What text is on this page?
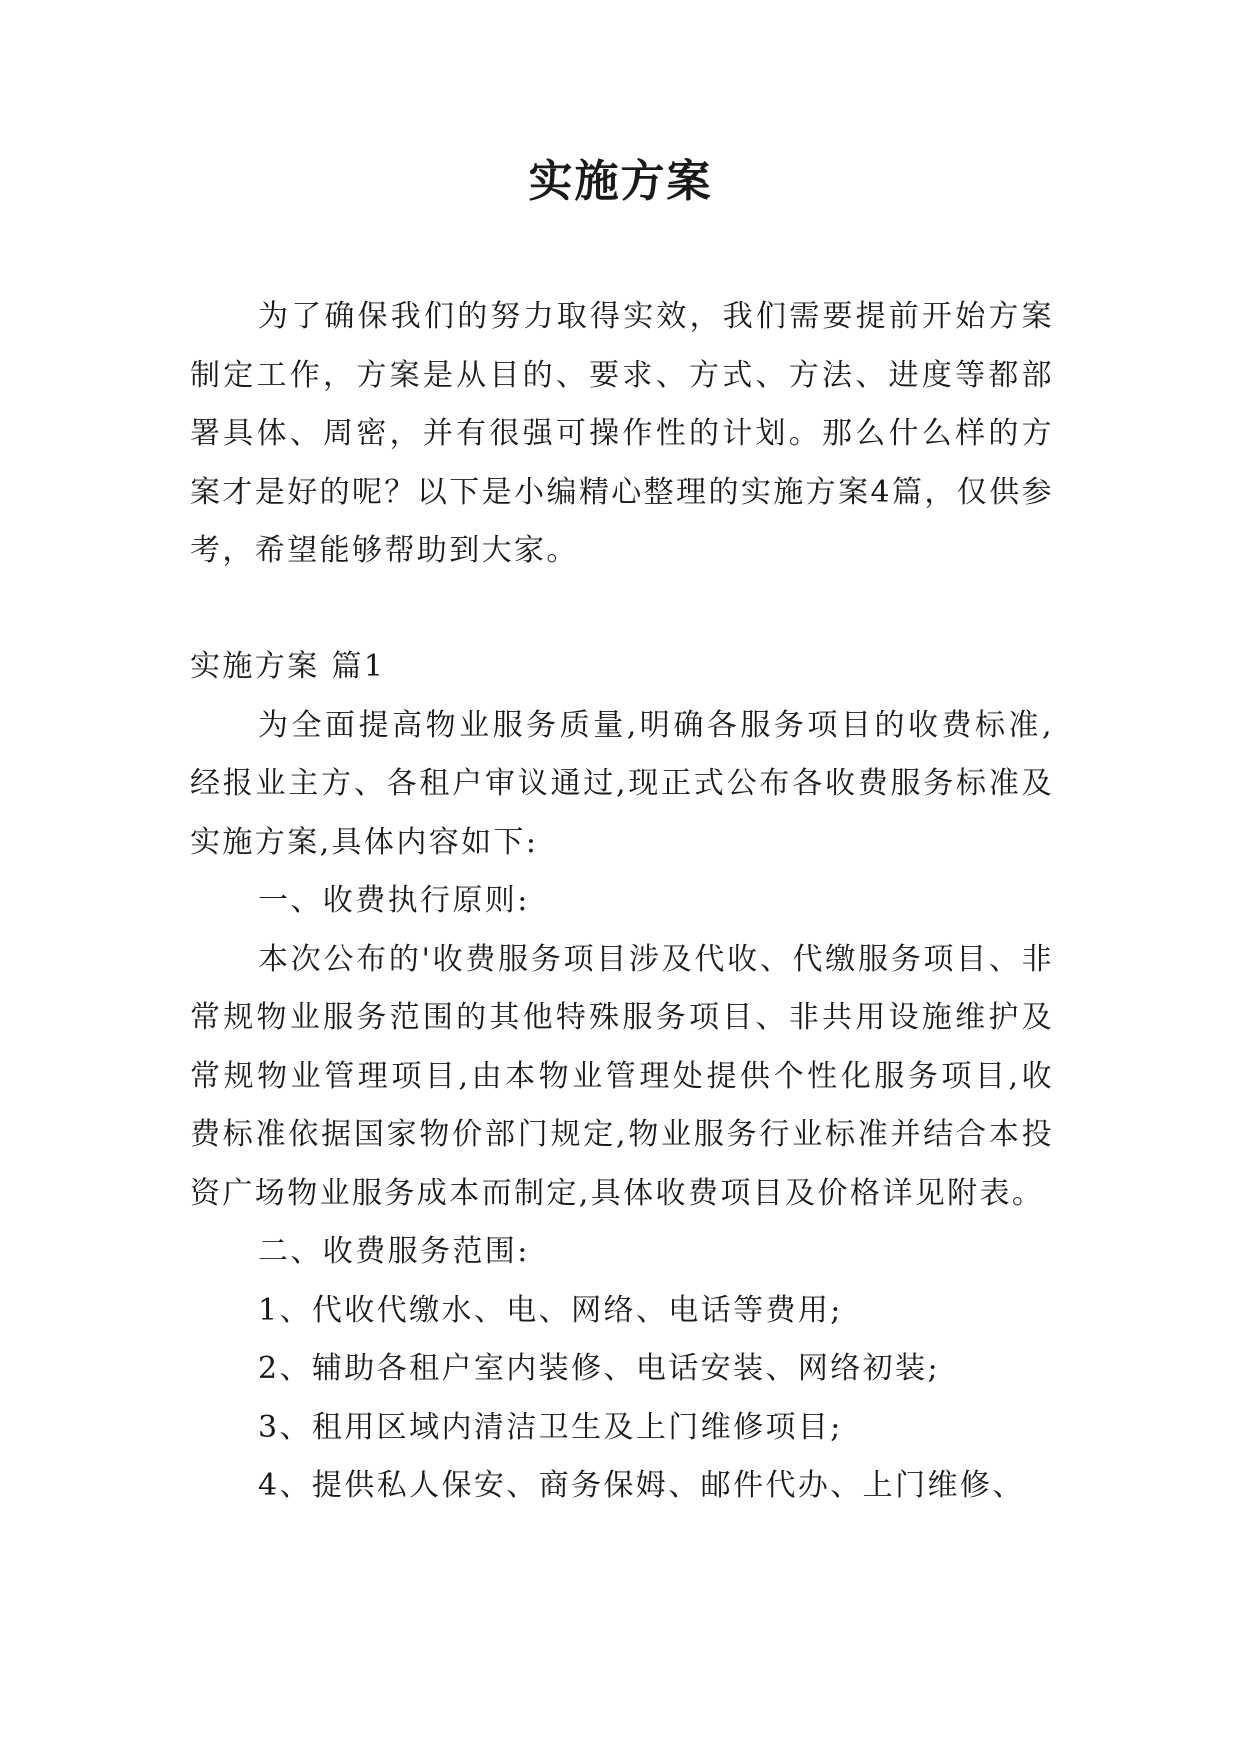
实施方案

为了确保我们的努力取得实效，我们需要提前开始方案制定工作，方案是从目的、要求、方式、方法、进度等都部署具体、周密，并有很强可操作性的计划。那么什么样的方案才是好的呢？以下是小编精心整理的实施方案4篇，仅供参考，希望能够帮助到大家。

实施方案 篇1

为全面提高物业服务质量,明确各服务项目的收费标准,经报业主方、各租户审议通过,现正式公布各收费服务标准及实施方案,具体内容如下:

一、收费执行原则:

本次公布的'收费服务项目涉及代收、代缴服务项目、非常规物业服务范围的其他特殊服务项目、非共用设施维护及常规物业管理项目,由本物业管理处提供个性化服务项目,收费标准依据国家物价部门规定,物业服务行业标准并结合本投资广场物业服务成本而制定,具体收费项目及价格详见附表。

二、收费服务范围:

1、代收代缴水、电、网络、电话等费用;

2、辅助各租户室内装修、电话安装、网络初装;

3、租用区域内清洁卫生及上门维修项目;

4、提供私人保安、商务保姆、邮件代办、上门维修、
